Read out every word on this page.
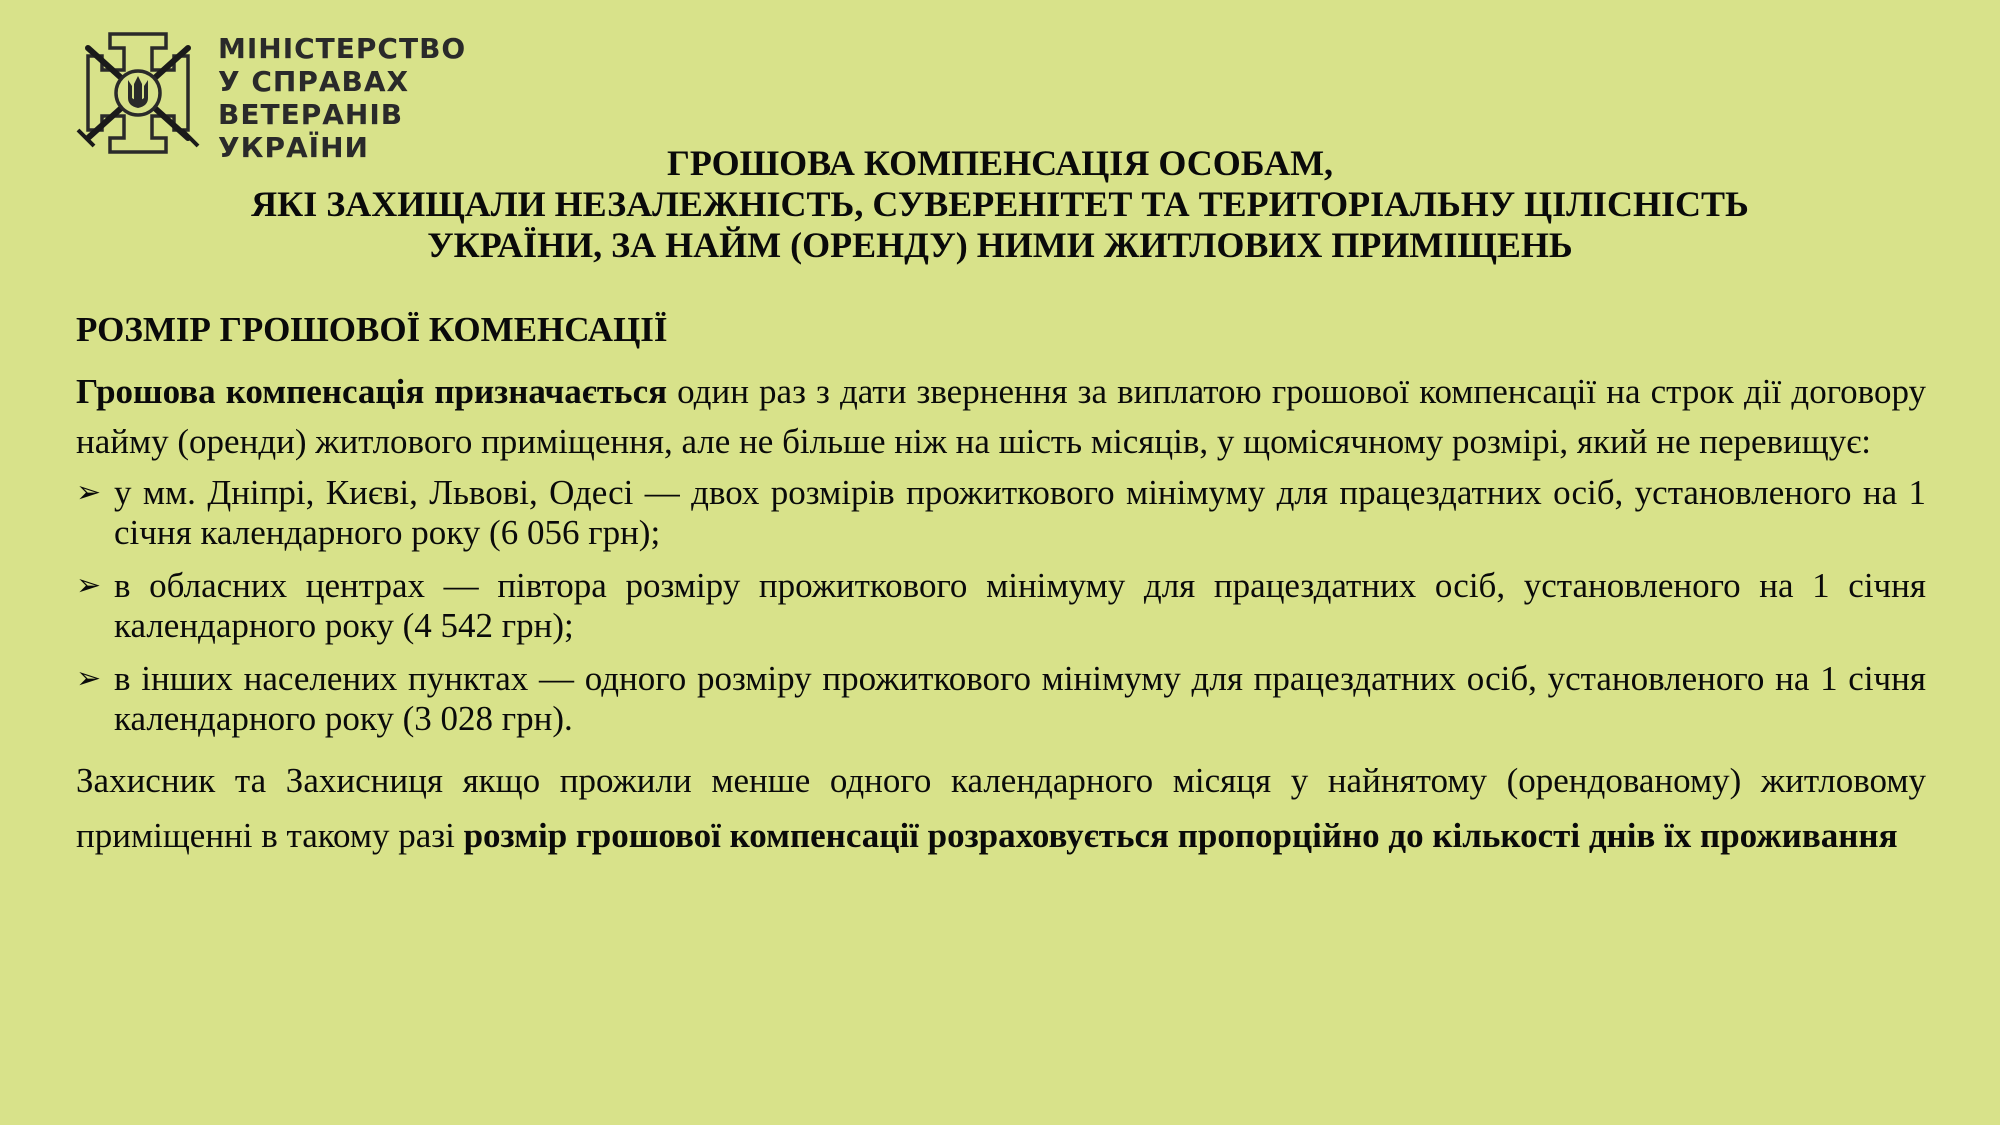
МІНІСТЕРСТВО
У СПРАВАХ
ВЕТЕРАНІВ
УКРАЇНИ	ГРОШОВА КОМПЕНСАЦІЯ ОСОБАМ,
ЯКІ ЗАХИЩАЛИ НЕЗАЛЕЖНІСТЬ, СУВЕРЕНІТЕТ ТА ТЕРИТОРІАЛЬНУ ЦІЛІСНІСТЬ
УКРАЇНИ, ЗА НАЙМ (ОРЕНДУ) НИМИ ЖИТЛОВИХ ПРИМІЩЕНЬ

РОЗМІР ГРОШОВОЇ КОМЕНСАЦІЇ

Грошова компенсація призначається один раз з дати звернення за виплатою грошової компенсації на строк дії договору найму (оренди) житлового приміщення, але не більше ніж на шість місяців, у щомісячному розмірі, який не перевищує:

➢ у мм. Дніпрі, Києві, Львові, Одесі — двох розмірів прожиткового мінімуму для працездатних осіб, установленого на 1 січня календарного року (6 056 грн);
➢ в обласних центрах — півтора розміру прожиткового мінімуму для працездатних осіб, установленого на 1 січня календарного року (4 542 грн);
➢ в інших населених пунктах — одного розміру прожиткового мінімуму для працездатних осіб, установленого на 1 січня календарного року (3 028 грн).

Захисник та Захисниця якщо прожили менше одного календарного місяця у найнятому (орендованому) житловому приміщенні в такому разі розмір грошової компенсації розраховується пропорційно до кількості днів їх проживання
